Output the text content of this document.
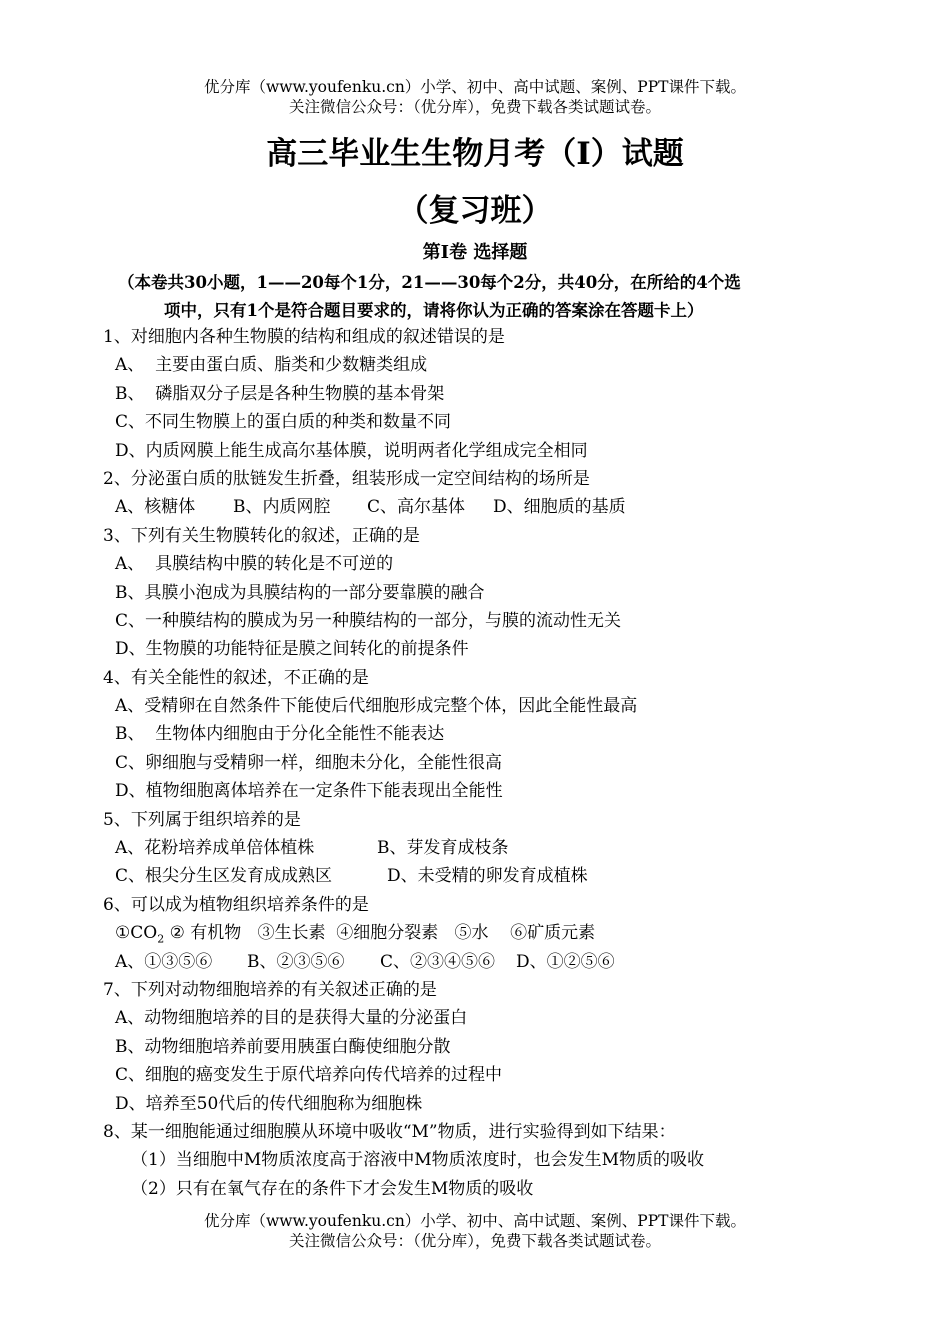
优分库（www.youfenku.cn）小学、初中、高中试题、案例、PPT课件下载。
关注微信公众号：（优分库），免费下载各类试题试卷。
高三毕业生生物月考（I）试题
（复习班）
第I卷 选择题
（本卷共30小题，1——20每个1分，21——30每个2分，共40分，在所给的4个选
项中，只有1个是符合题目要求的，请将你认为正确的答案涂在答题卡上）
1、对细胞内各种生物膜的结构和组成的叙述错误的是
A、  主要由蛋白质、脂类和少数糖类组成
B、  磷脂双分子层是各种生物膜的基本骨架
C、不同生物膜上的蛋白质的种类和数量不同
D、内质网膜上能生成高尔基体膜，说明两者化学组成完全相同
2、分泌蛋白质的肽链发生折叠，组装形成一定空间结构的场所是
A、核糖体	B、内质网腔	C、高尔基体	D、细胞质的基质
3、下列有关生物膜转化的叙述，正确的是
A、  具膜结构中膜的转化是不可逆的
B、具膜小泡成为具膜结构的一部分要靠膜的融合
C、一种膜结构的膜成为另一种膜结构的一部分，与膜的流动性无关
D、生物膜的功能特征是膜之间转化的前提条件
4、有关全能性的叙述，不正确的是
A、受精卵在自然条件下能使后代细胞形成完整个体，因此全能性最高
B、  生物体内细胞由于分化全能性不能表达
C、卵细胞与受精卵一样，细胞未分化，全能性很高
D、植物细胞离体培养在一定条件下能表现出全能性
5、下列属于组织培养的是
A、花粉培养成单倍体植株	B、芽发育成枝条
C、根尖分生区发育成成熟区	D、未受精的卵发育成植株
6、可以成为植物组织培养条件的是
$①CO_2$ ② 有机物   ③生长素  ④细胞分裂素   ⑤水    ⑥矿质元素
A、①③⑤⑥	B、②③⑤⑥	C、②③④⑤⑥	D、①②⑤⑥
7、下列对动物细胞培养的有关叙述正确的是
A、动物细胞培养的目的是获得大量的分泌蛋白
B、动物细胞培养前要用胰蛋白酶使细胞分散
C、细胞的癌变发生于原代培养向传代培养的过程中
D、培养至50代后的传代细胞称为细胞株
8、某一细胞能通过细胞膜从环境中吸收“M”物质，进行实验得到如下结果：
（1）当细胞中M物质浓度高于溶液中M物质浓度时，也会发生M物质的吸收
（2）只有在氧气存在的条件下才会发生M物质的吸收
优分库（www.youfenku.cn）小学、初中、高中试题、案例、PPT课件下载。
关注微信公众号：（优分库），免费下载各类试题试卷。
